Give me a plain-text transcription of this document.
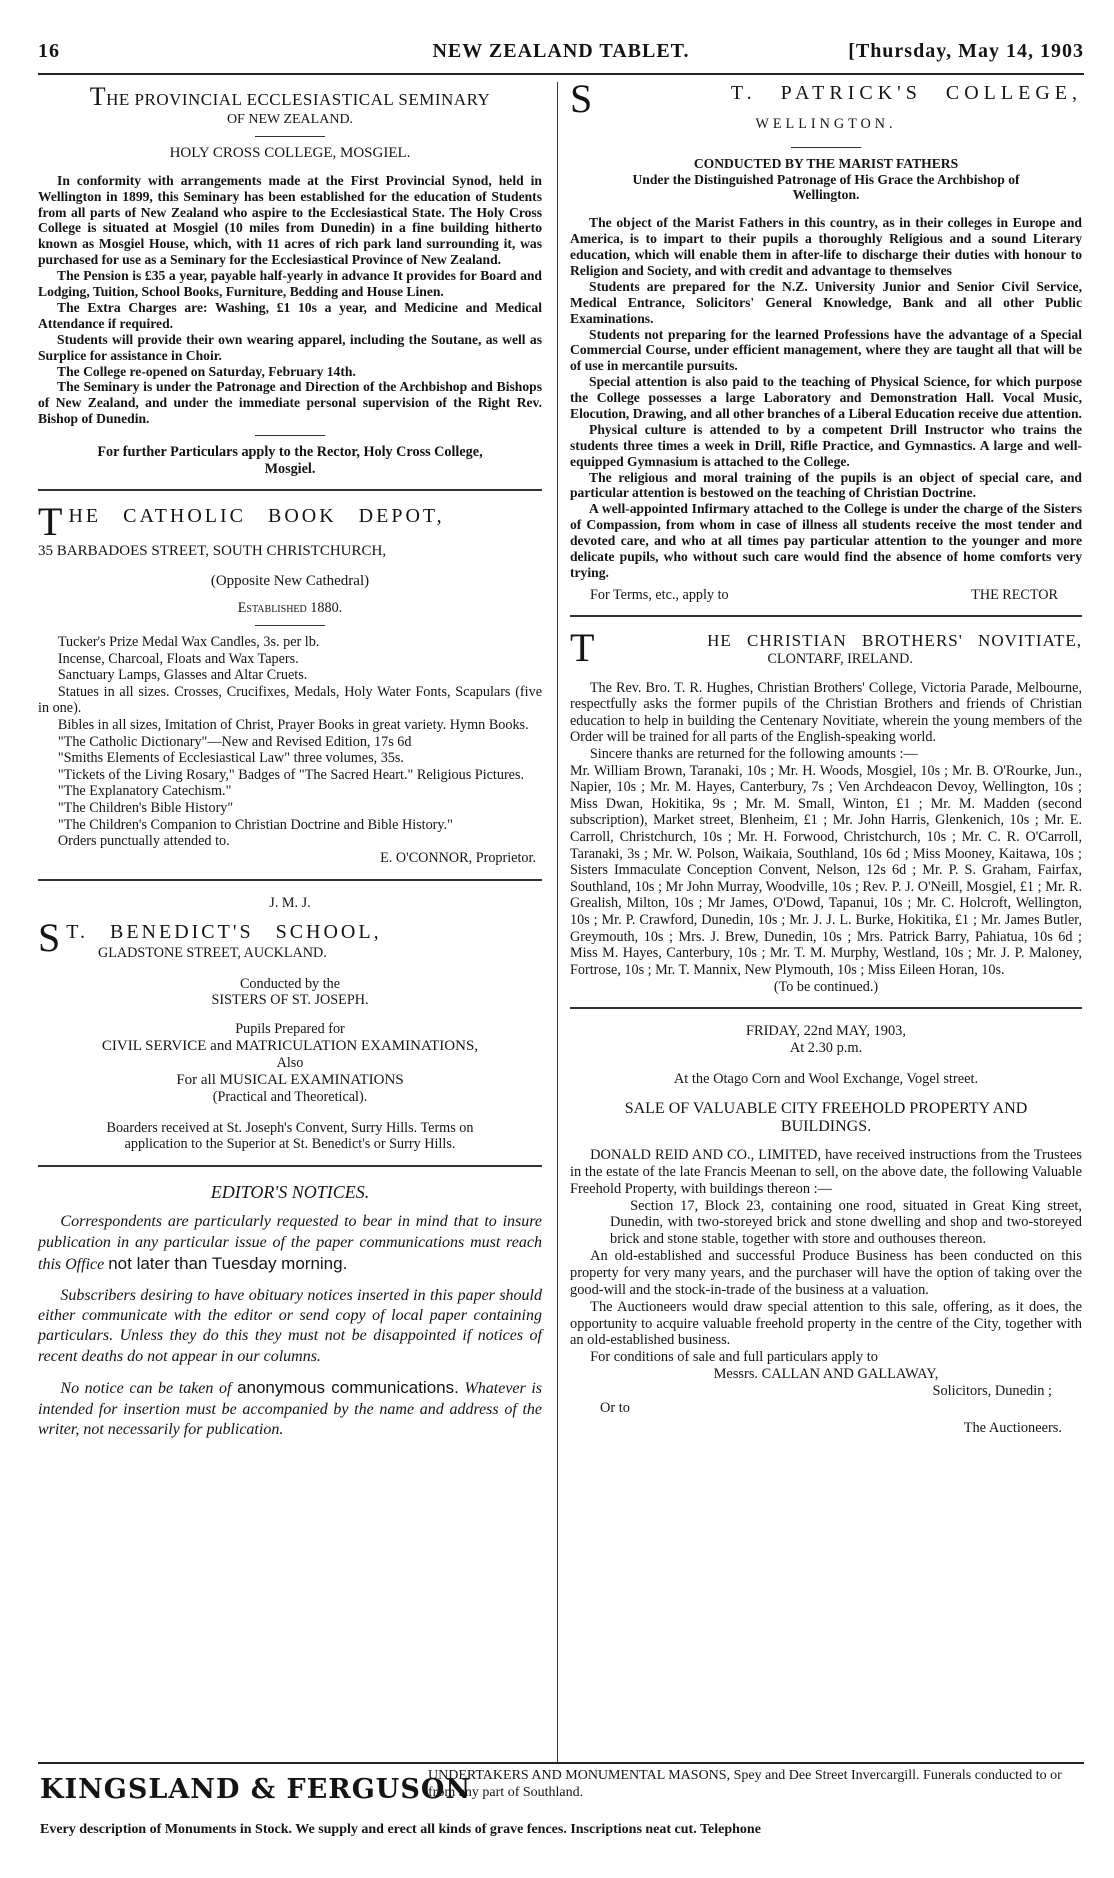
16	NEW ZEALAND TABLET.	[Thursday, May 14, 1903
THE PROVINCIAL ECCLESIASTICAL SEMINARY
OF NEW ZEALAND.
HOLY CROSS COLLEGE, MOSGIEL.

In conformity with arrangements made at the First Provincial Synod, held in Wellington in 1899, this Seminary has been established for the education of Students from all parts of New Zealand who aspire to the Ecclesiastical State. The Holy Cross College is situated at Mosgiel (10 miles from Dunedin) in a fine building hitherto known as Mosgiel House, which, with 11 acres of rich park land surrounding it, was purchased for use as a Seminary for the Ecclesiastical Province of New Zealand.

The Pension is £35 a year, payable half-yearly in advance It provides for Board and Lodging, Tuition, School Books, Furniture, Bedding and House Linen.

The Extra Charges are: Washing, £1 10s a year, and Medicine and Medical Attendance if required.

Students will provide their own wearing apparel, including the Soutane, as well as Surplice for assistance in Choir.

The College re-opened on Saturday, February 14th.

The Seminary is under the Patronage and Direction of the Archbishop and Bishops of New Zealand, and under the immediate personal supervision of the Right Rev. Bishop of Dunedin.

For further Particulars apply to the Rector, Holy Cross College, Mosgiel.

T HE CATHOLIC BOOK DEPOT,
35 BARBADOES STREET, SOUTH CHRISTCHURCH,
(Opposite New Cathedral)
Established 1880.

Tucker's Prize Medal Wax Candles, 3s. per lb.

Incense, Charcoal, Floats and Wax Tapers.

Sanctuary Lamps, Glasses and Altar Cruets.

Statues in all sizes. Crosses, Crucifixes, Medals, Holy Water Fonts, Scapulars (five in one).

Bibles in all sizes, Imitation of Christ, Prayer Books in great variety. Hymn Books.

"The Catholic Dictionary"—New and Revised Edition, 17s 6d

"Smiths Elements of Ecclesiastical Law" three volumes, 35s.

"Tickets of the Living Rosary," Badges of "The Sacred Heart." Religious Pictures.

"The Explanatory Catechism."

"The Children's Bible History"

"The Children's Companion to Christian Doctrine and Bible History."

Orders punctually attended to.

E. O'CONNOR, Proprietor.

J. M. J.
S T. BENEDICT'S SCHOOL,
GLADSTONE STREET, AUCKLAND.

Conducted by the

SISTERS OF ST. JOSEPH.

Pupils Prepared for

CIVIL SERVICE and MATRICULATION EXAMINATIONS,

Also

For all MUSICAL EXAMINATIONS

(Practical and Theoretical).

Boarders received at St. Joseph's Convent, Surry Hills. Terms on application to the Superior at St. Benedict's or Surry Hills.

EDITOR'S NOTICES.

Correspondents are particularly requested to bear in mind that to insure publication in any particular issue of the paper communications must reach this Office not later than Tuesday morning.

Subscribers desiring to have obituary notices inserted in this paper should either communicate with the editor or send copy of local paper containing particulars. Unless they do this they must not be disappointed if notices of recent deaths do not appear in our columns.

No notice can be taken of anonymous communications. Whatever is intended for insertion must be accompanied by the name and address of the writer, not necessarily for publication.

S	T. PATRICK'S COLLEGE,
WELLINGTON.

CONDUCTED BY THE MARIST FATHERS

Under the Distinguished Patronage of His Grace the Archbishop of Wellington.

The object of the Marist Fathers in this country, as in their colleges in Europe and America, is to impart to their pupils a thoroughly Religious and a sound Literary education, which will enable them in after-life to discharge their duties with honour to Religion and Society, and with credit and advantage to themselves

Students are prepared for the N.Z. University Junior and Senior Civil Service, Medical Entrance, Solicitors' General Knowledge, Bank and all other Public Examinations.

Students not preparing for the learned Professions have the advantage of a Special Commercial Course, under efficient management, where they are taught all that will be of use in mercantile pursuits.

Special attention is also paid to the teaching of Physical Science, for which purpose the College possesses a large Laboratory and Demonstration Hall. Vocal Music, Elocution, Drawing, and all other branches of a Liberal Education receive due attention.

Physical culture is attended to by a competent Drill Instructor who trains the students three times a week in Drill, Rifle Practice, and Gymnastics. A large and well-equipped Gymnasium is attached to the College.

The religious and moral training of the pupils is an object of special care, and particular attention is bestowed on the teaching of Christian Doctrine.

A well-appointed Infirmary attached to the College is under the charge of the Sisters of Compassion, from whom in case of illness all students receive the most tender and devoted care, and who at all times pay particular attention to the younger and more delicate pupils, who without such care would find the absence of home comforts very trying.

For Terms, etc., apply to	THE RECTOR
T	HE CHRISTIAN BROTHERS' NOVITIATE,
CLONTARF, IRELAND.

The Rev. Bro. T. R. Hughes, Christian Brothers' College, Victoria Parade, Melbourne, respectfully asks the former pupils of the Christian Brothers and friends of Christian education to help in building the Centenary Novitiate, wherein the young members of the Order will be trained for all parts of the English-speaking world.

Sincere thanks are returned for the following amounts :—

Mr. William Brown, Taranaki, 10s ; Mr. H. Woods, Mosgiel, 10s ; Mr. B. O'Rourke, Jun., Napier, 10s ; Mr. M. Hayes, Canterbury, 7s ; Ven Archdeacon Devoy, Wellington, 10s ; Miss Dwan, Hokitika, 9s ; Mr. M. Small, Winton, £1 ; Mr. M. Madden (second subscription), Market street, Blenheim, £1 ; Mr. John Harris, Glenkenich, 10s ; Mr. E. Carroll, Christchurch, 10s ; Mr. H. Forwood, Christchurch, 10s ; Mr. C. R. O'Carroll, Taranaki, 3s ; Mr. W. Polson, Waikaia, Southland, 10s 6d ; Miss Mooney, Kaitawa, 10s ; Sisters Immaculate Conception Convent, Nelson, 12s 6d ; Mr. P. S. Graham, Fairfax, Southland, 10s ; Mr John Murray, Woodville, 10s ; Rev. P. J. O'Neill, Mosgiel, £1 ; Mr. R. Grealish, Milton, 10s ; Mr James, O'Dowd, Tapanui, 10s ; Mr. C. Holcroft, Wellington, 10s ; Mr. P. Crawford, Dunedin, 10s ; Mr. J. J. L. Burke, Hokitika, £1 ; Mr. James Butler, Greymouth, 10s ; Mrs. J. Brew, Dunedin, 10s ; Mrs. Patrick Barry, Pahiatua, 10s 6d ; Miss M. Hayes, Canterbury, 10s ; Mr. T. M. Murphy, Westland, 10s ; Mr. J. P. Maloney, Fortrose, 10s ; Mr. T. Mannix, New Plymouth, 10s ; Miss Eileen Horan, 10s.

(To be continued.)

FRIDAY, 22nd MAY, 1903,

At 2.30 p.m.

At the Otago Corn and Wool Exchange, Vogel street.

SALE OF VALUABLE CITY FREEHOLD PROPERTY AND BUILDINGS.

DONALD REID AND CO., LIMITED, have received instructions from the Trustees in the estate of the late Francis Meenan to sell, on the above date, the following Valuable Freehold Property, with buildings thereon :—

Section 17, Block 23, containing one rood, situated in Great King street, Dunedin, with two-storeyed brick and stone dwelling and shop and two-storeyed brick and stone stable, together with store and outhouses thereon.

An old-established and successful Produce Business has been conducted on this property for very many years, and the purchaser will have the option of taking over the good-will and the stock-in-trade of the business at a valuation.

The Auctioneers would draw special attention to this sale, offering, as it does, the opportunity to acquire valuable freehold property in the centre of the City, together with an old-established business.

For conditions of sale and full particulars apply to

Messrs. CALLAN AND GALLAWAY,

Solicitors, Dunedin ;

Or to
The Auctioneers.
KINGSLAND & FERGUSON
UNDERTAKERS AND MONUMENTAL MASONS, Spey and Dee Street Invercargill. Funerals conducted to or from any part of Southland.
Every description of Monuments in Stock. We supply and erect all kinds of grave fences. Inscriptions neat cut. Telephone
